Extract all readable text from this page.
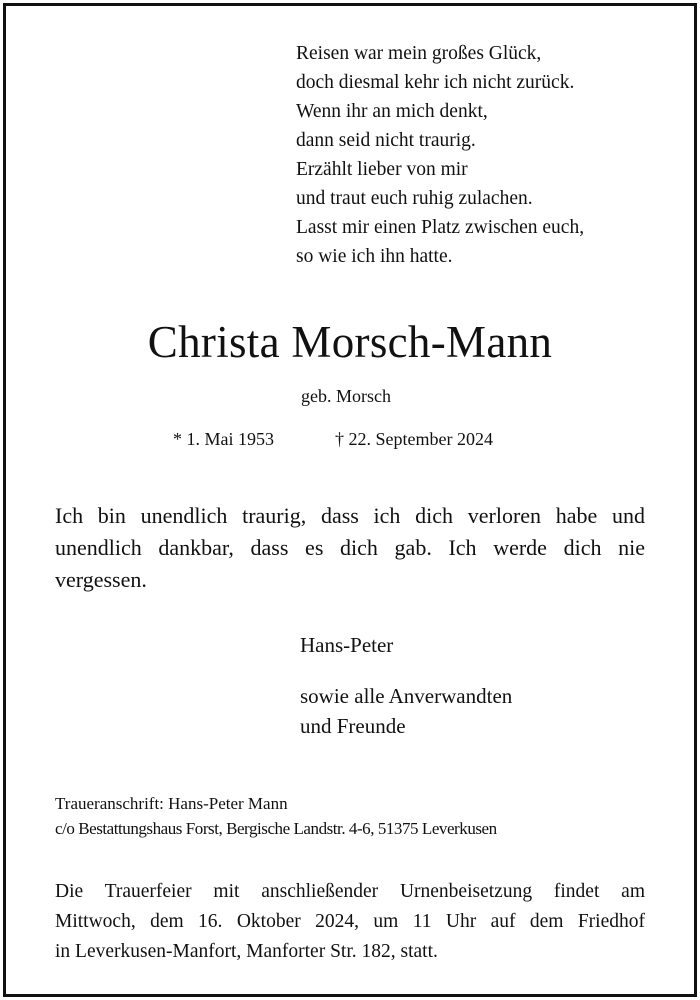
Reisen war mein großes Glück,
doch diesmal kehr ich nicht zurück.
Wenn ihr an mich denkt,
dann seid nicht traurig.
Erzählt lieber von mir
und traut euch ruhig zulachen.
Lasst mir einen Platz zwischen euch,
so wie ich ihn hatte.
Christa Morsch-Mann
geb. Morsch
* 1. Mai 1953	† 22. September 2024
Ich bin unendlich traurig, dass ich dich verloren habe und
unendlich dankbar, dass es dich gab. Ich werde dich nie
vergessen.
Hans-Peter
sowie alle Anverwandten
und Freunde
Traueranschrift: Hans-Peter Mann
c/o Bestattungshaus Forst, Bergische Landstr. 4-6, 51375 Leverkusen
Die Trauerfeier mit anschließender Urnenbeisetzung findet am
Mittwoch, dem 16. Oktober 2024, um 11 Uhr auf dem Friedhof
in Leverkusen-Manfort, Manforter Str. 182, statt.
